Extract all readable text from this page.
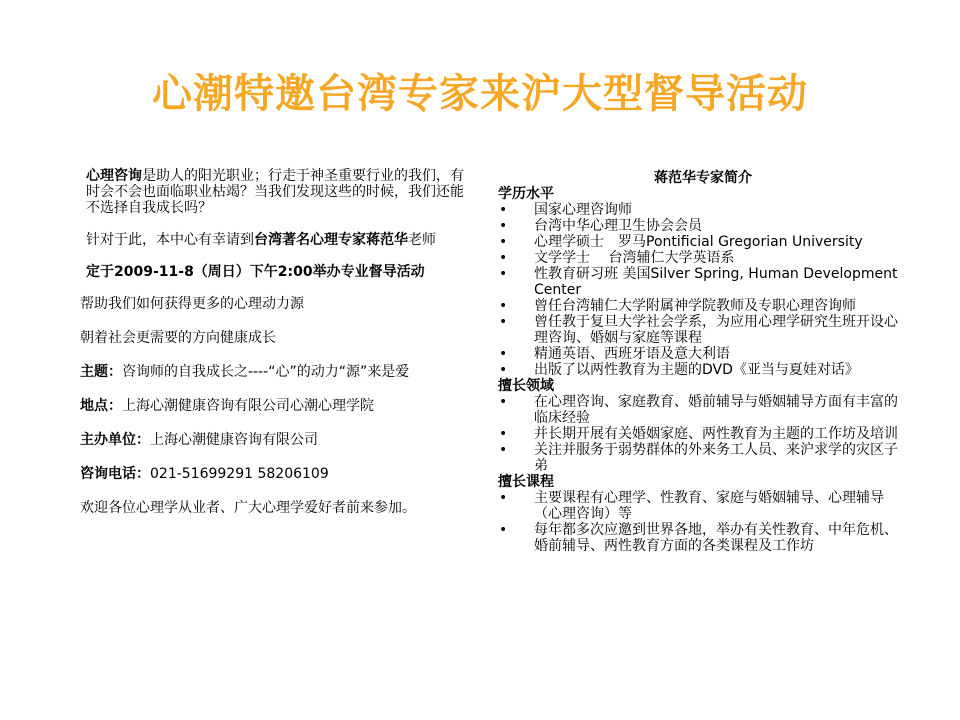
心潮特邀台湾专家来沪大型督导活动

心理咨询是助人的阳光职业；行走于神圣重要行业的我们，有时会不会也面临职业枯竭？当我们发现这些的时候，我们还能不选择自我成长吗？

针对于此，本中心有幸请到台湾著名心理专家蒋范华老师

定于2009-11-8（周日）下午2:00举办专业督导活动

帮助我们如何获得更多的心理动力源

朝着社会更需要的方向健康成长

主题：咨询师的自我成长之----“心”的动力“源”来是爱

地点：上海心潮健康咨询有限公司心潮心理学院

主办单位：上海心潮健康咨询有限公司

咨询电话：021-51699291 58206109

欢迎各位心理学从业者、广大心理学爱好者前来参加。

蒋范华专家简介
学历水平
• 国家心理咨询师
• 台湾中华心理卫生协会会员
• 心理学硕士　罗马Pontificial Gregorian University
• 文学学士　 台湾辅仁大学英语系
• 性教育研习班 美国Silver Spring, Human Development Center
• 曾任台湾辅仁大学附属神学院教师及专职心理咨询师
• 曾任教于复旦大学社会学系，为应用心理学研究生班开设心理咨询、婚姻与家庭等课程
• 精通英语、西班牙语及意大利语
• 出版了以两性教育为主题的DVD《亚当与夏娃对话》
擅长领域
• 在心理咨询、家庭教育、婚前辅导与婚姻辅导方面有丰富的临床经验
• 并长期开展有关婚姻家庭、两性教育为主题的工作坊及培训
• 关注并服务于弱势群体的外来务工人员、来沪求学的灾区子弟
擅长课程
• 主要课程有心理学、性教育、家庭与婚姻辅导、心理辅导（心理咨询）等
• 每年都多次应邀到世界各地，举办有关性教育、中年危机、婚前辅导、两性教育方面的各类课程及工作坊
